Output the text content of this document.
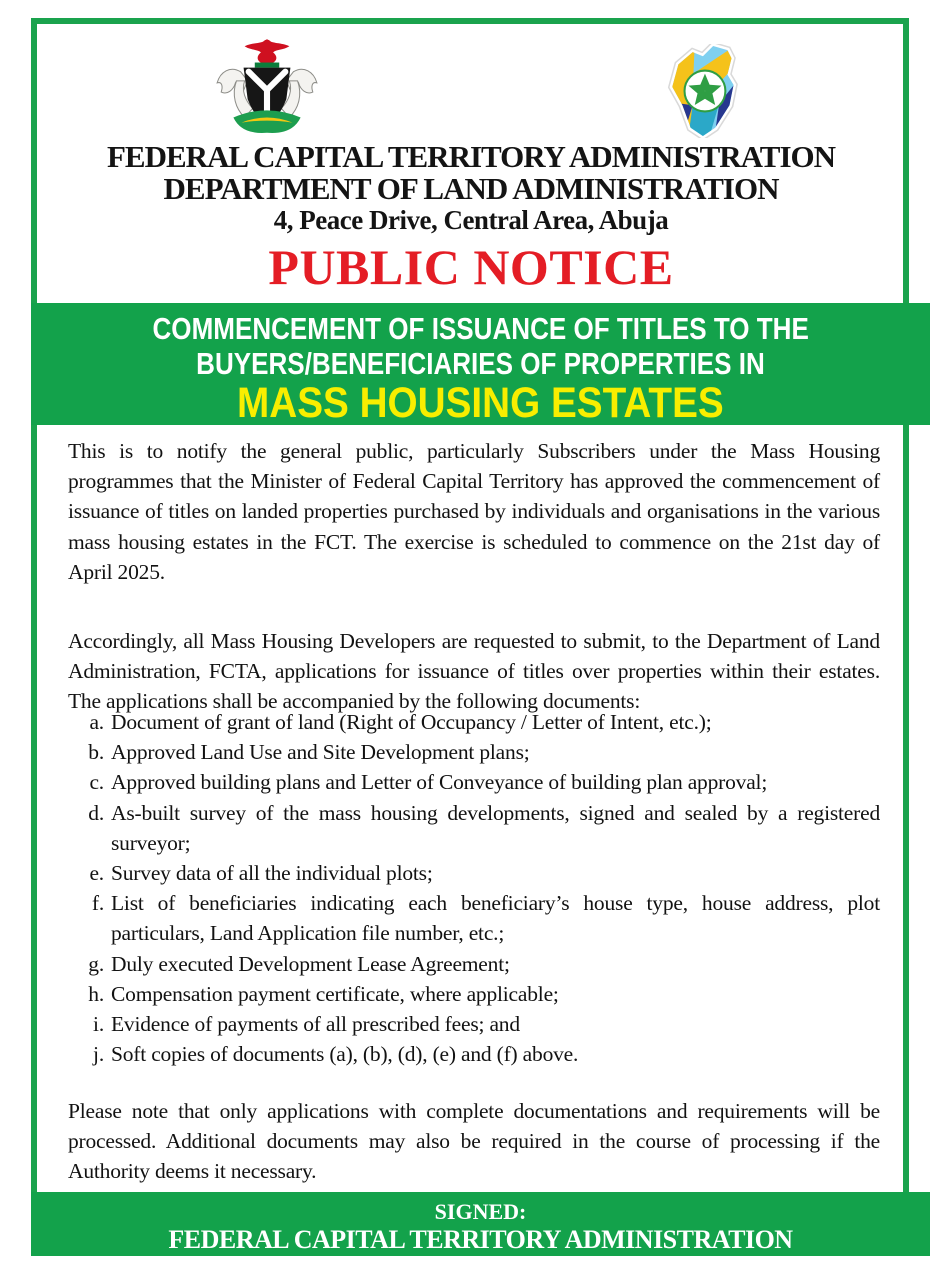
FEDERAL CAPITAL TERRITORY ADMINISTRATION
DEPARTMENT OF LAND ADMINISTRATION
4, Peace Drive, Central Area, Abuja
PUBLIC NOTICE
COMMENCEMENT OF ISSUANCE OF TITLES TO THE
BUYERS/BENEFICIARIES OF PROPERTIES IN
MASS HOUSING ESTATES
This is to notify the general public, particularly Subscribers under the Mass Housing programmes that the Minister of Federal Capital Territory has approved the commencement of issuance of titles on landed properties purchased by individuals and organisations in the various mass housing estates in the FCT. The exercise is scheduled to commence on the 21st day of April 2025.
Accordingly, all Mass Housing Developers are requested to submit, to the Department of Land Administration, FCTA, applications for issuance of titles over properties within their estates. The applications shall be accompanied by the following documents:
a. Document of grant of land (Right of Occupancy / Letter of Intent, etc.);
b. Approved Land Use and Site Development plans;
c. Approved building plans and Letter of Conveyance of building plan approval;
d. As-built survey of the mass housing developments, signed and sealed by a registered surveyor;
e. Survey data of all the individual plots;
f. List of beneficiaries indicating each beneficiary’s house type, house address, plot particulars, Land Application file number, etc.;
g. Duly executed Development Lease Agreement;
h. Compensation payment certificate, where applicable;
i. Evidence of payments of all prescribed fees; and
j. Soft copies of documents (a), (b), (d), (e) and (f) above.
Please note that only applications with complete documentations and requirements will be processed. Additional documents may also be required in the course of processing if the Authority deems it necessary.
SIGNED:
FEDERAL CAPITAL TERRITORY ADMINISTRATION
